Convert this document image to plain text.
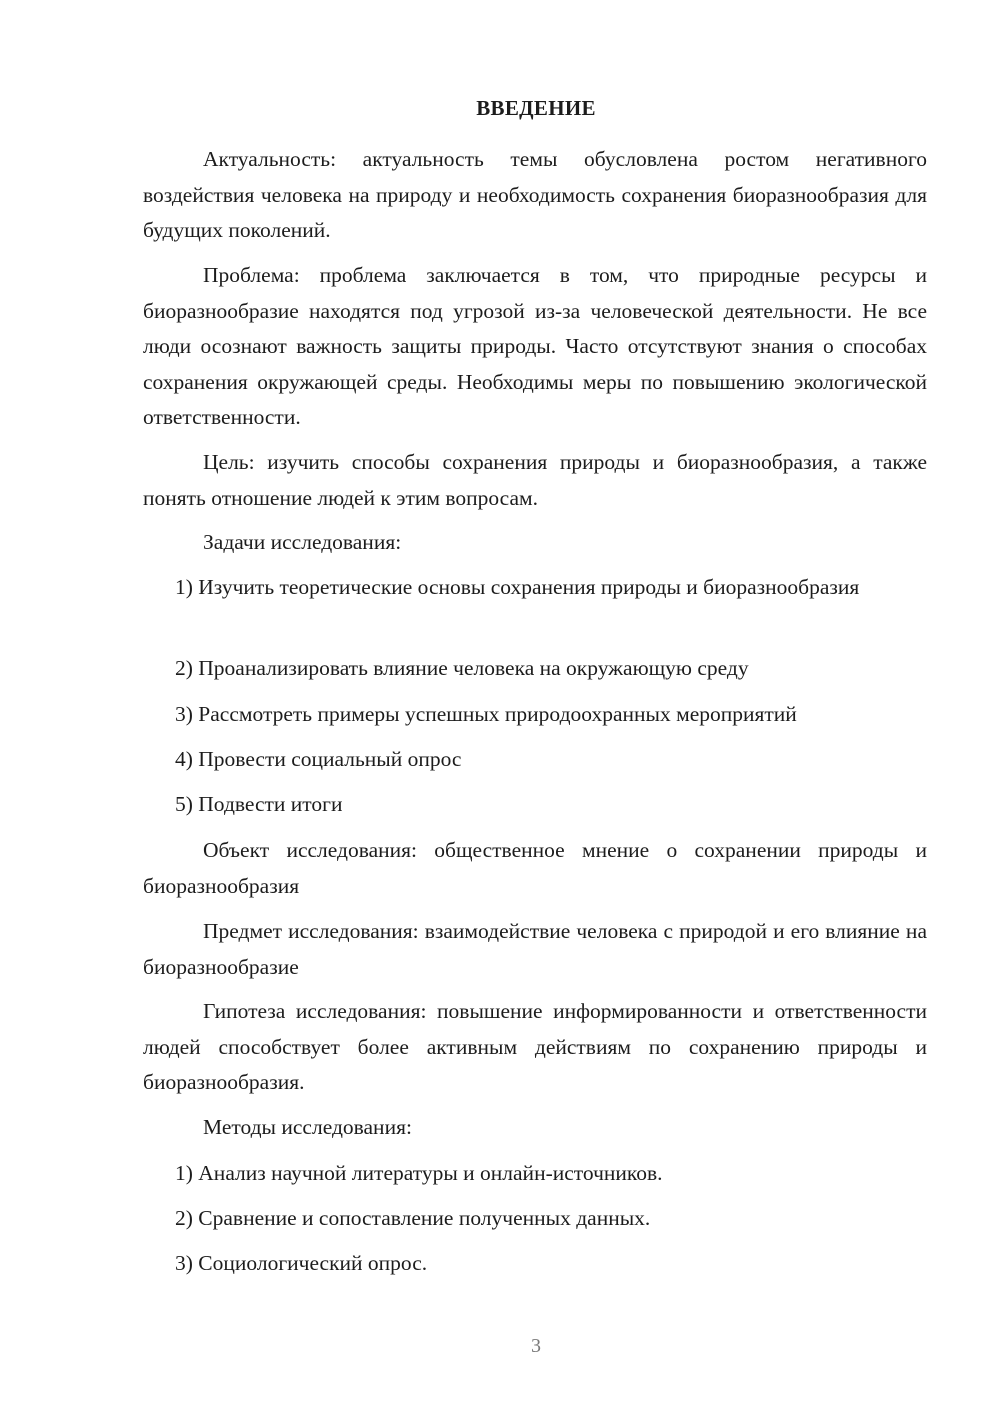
ВВЕДЕНИЕ

Актуальность: актуальность темы обусловлена ростом негативного воздействия человека на природу и необходимость сохранения биоразнообразия для будущих поколений.

Проблема: проблема заключается в том, что природные ресурсы и биоразнообразие находятся под угрозой из-за человеческой деятельности. Не все люди осознают важность защиты природы. Часто отсутствуют знания о способах сохранения окружающей среды. Необходимы меры по повышению экологической ответственности.

Цель: изучить способы сохранения природы и биоразнообразия, а также понять отношение людей к этим вопросам.

Задачи исследования:

1) Изучить теоретические основы сохранения природы и биоразнообразия

2) Проанализировать влияние человека на окружающую среду

3) Рассмотреть примеры успешных природоохранных мероприятий

4) Провести социальный опрос

5) Подвести итоги

Объект исследования: общественное мнение о сохранении природы и биоразнообразия

Предмет исследования: взаимодействие человека с природой и его влияние на биоразнообразие

Гипотеза исследования: повышение информированности и ответственности людей способствует более активным действиям по сохранению природы и биоразнообразия.

Методы исследования:

1) Анализ научной литературы и онлайн-источников.

2) Сравнение и сопоставление полученных данных.

3) Социологический опрос.

3
